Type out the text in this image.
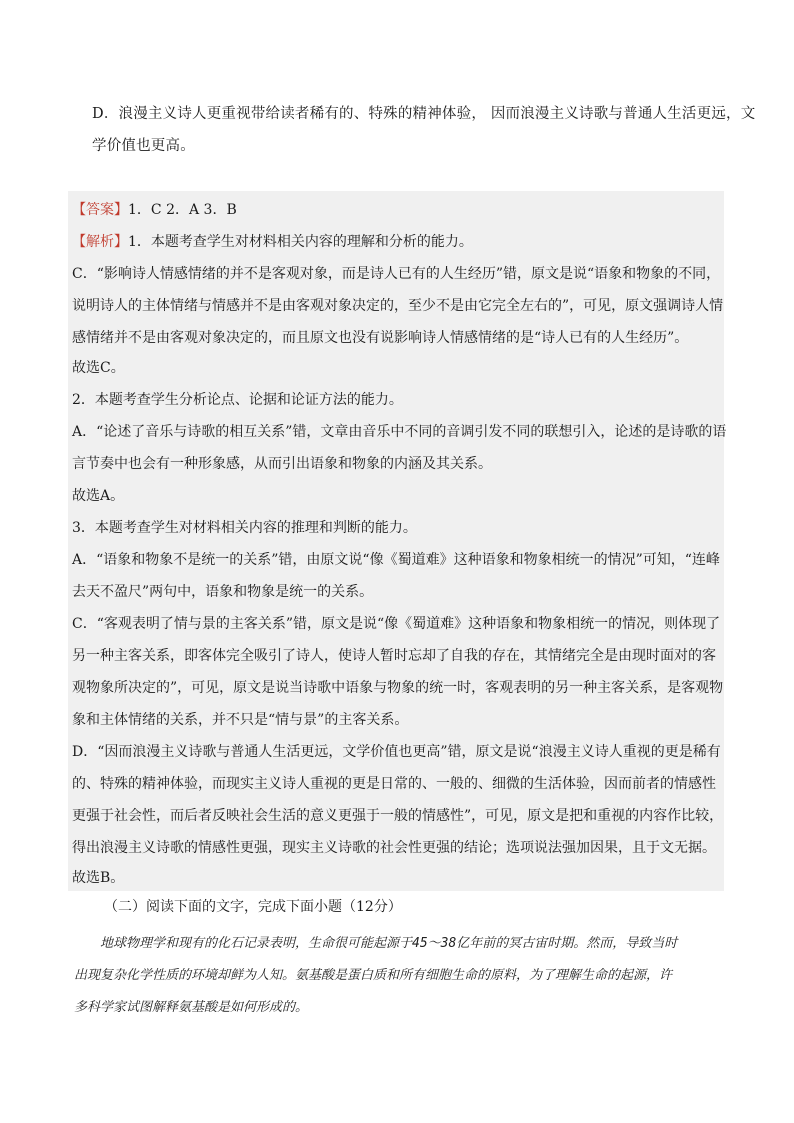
D．浪漫主义诗人更重视带给读者稀有的、特殊的精神体验， 因而浪漫主义诗歌与普通人生活更远，文
学价值也更高。
【答案】1．C 2．A 3．B
【解析】1．本题考查学生对材料相关内容的理解和分析的能力。
C．“影响诗人情感情绪的并不是客观对象，而是诗人已有的人生经历”错，原文是说“语象和物象的不同，
说明诗人的主体情绪与情感并不是由客观对象决定的，至少不是由它完全左右的”，可见，原文强调诗人情
感情绪并不是由客观对象决定的，而且原文也没有说影响诗人情感情绪的是“诗人已有的人生经历”。
故选C。
2．本题考查学生分析论点、论据和论证方法的能力。
A．“论述了音乐与诗歌的相互关系”错，文章由音乐中不同的音调引发不同的联想引入，论述的是诗歌的语
言节奏中也会有一种形象感，从而引出语象和物象的内涵及其关系。
故选A。
3．本题考查学生对材料相关内容的推理和判断的能力。
A．“语象和物象不是统一的关系”错，由原文说“像《蜀道难》这种语象和物象相统一的情况”可知，“连峰
去天不盈尺”两句中，语象和物象是统一的关系。
C．“客观表明了情与景的主客关系”错，原文是说“像《蜀道难》这种语象和物象相统一的情况，则体现了
另一种主客关系，即客体完全吸引了诗人，使诗人暂时忘却了自我的存在，其情绪完全是由现时面对的客
观物象所决定的”，可见，原文是说当诗歌中语象与物象的统一时，客观表明的另一种主客关系，是客观物
象和主体情绪的关系，并不只是“情与景”的主客关系。
D．“因而浪漫主义诗歌与普通人生活更远，文学价值也更高”错，原文是说“浪漫主义诗人重视的更是稀有
的、特殊的精神体验，而现实主义诗人重视的更是日常的、一般的、细微的生活体验，因而前者的情感性
更强于社会性，而后者反映社会生活的意义更强于一般的情感性”，可见，原文是把和重视的内容作比较，
得出浪漫主义诗歌的情感性更强，现实主义诗歌的社会性更强的结论；选项说法强加因果，且于文无据。
故选B。
（二）阅读下面的文字，完成下面小题（12分）
地球物理学和现有的化石记录表明，生命很可能起源于45～38亿年前的冥古宙时期。然而，导致当时
出现复杂化学性质的环境却鲜为人知。氨基酸是蛋白质和所有细胞生命的原料，为了理解生命的起源，许
多科学家试图解释氨基酸是如何形成的。
